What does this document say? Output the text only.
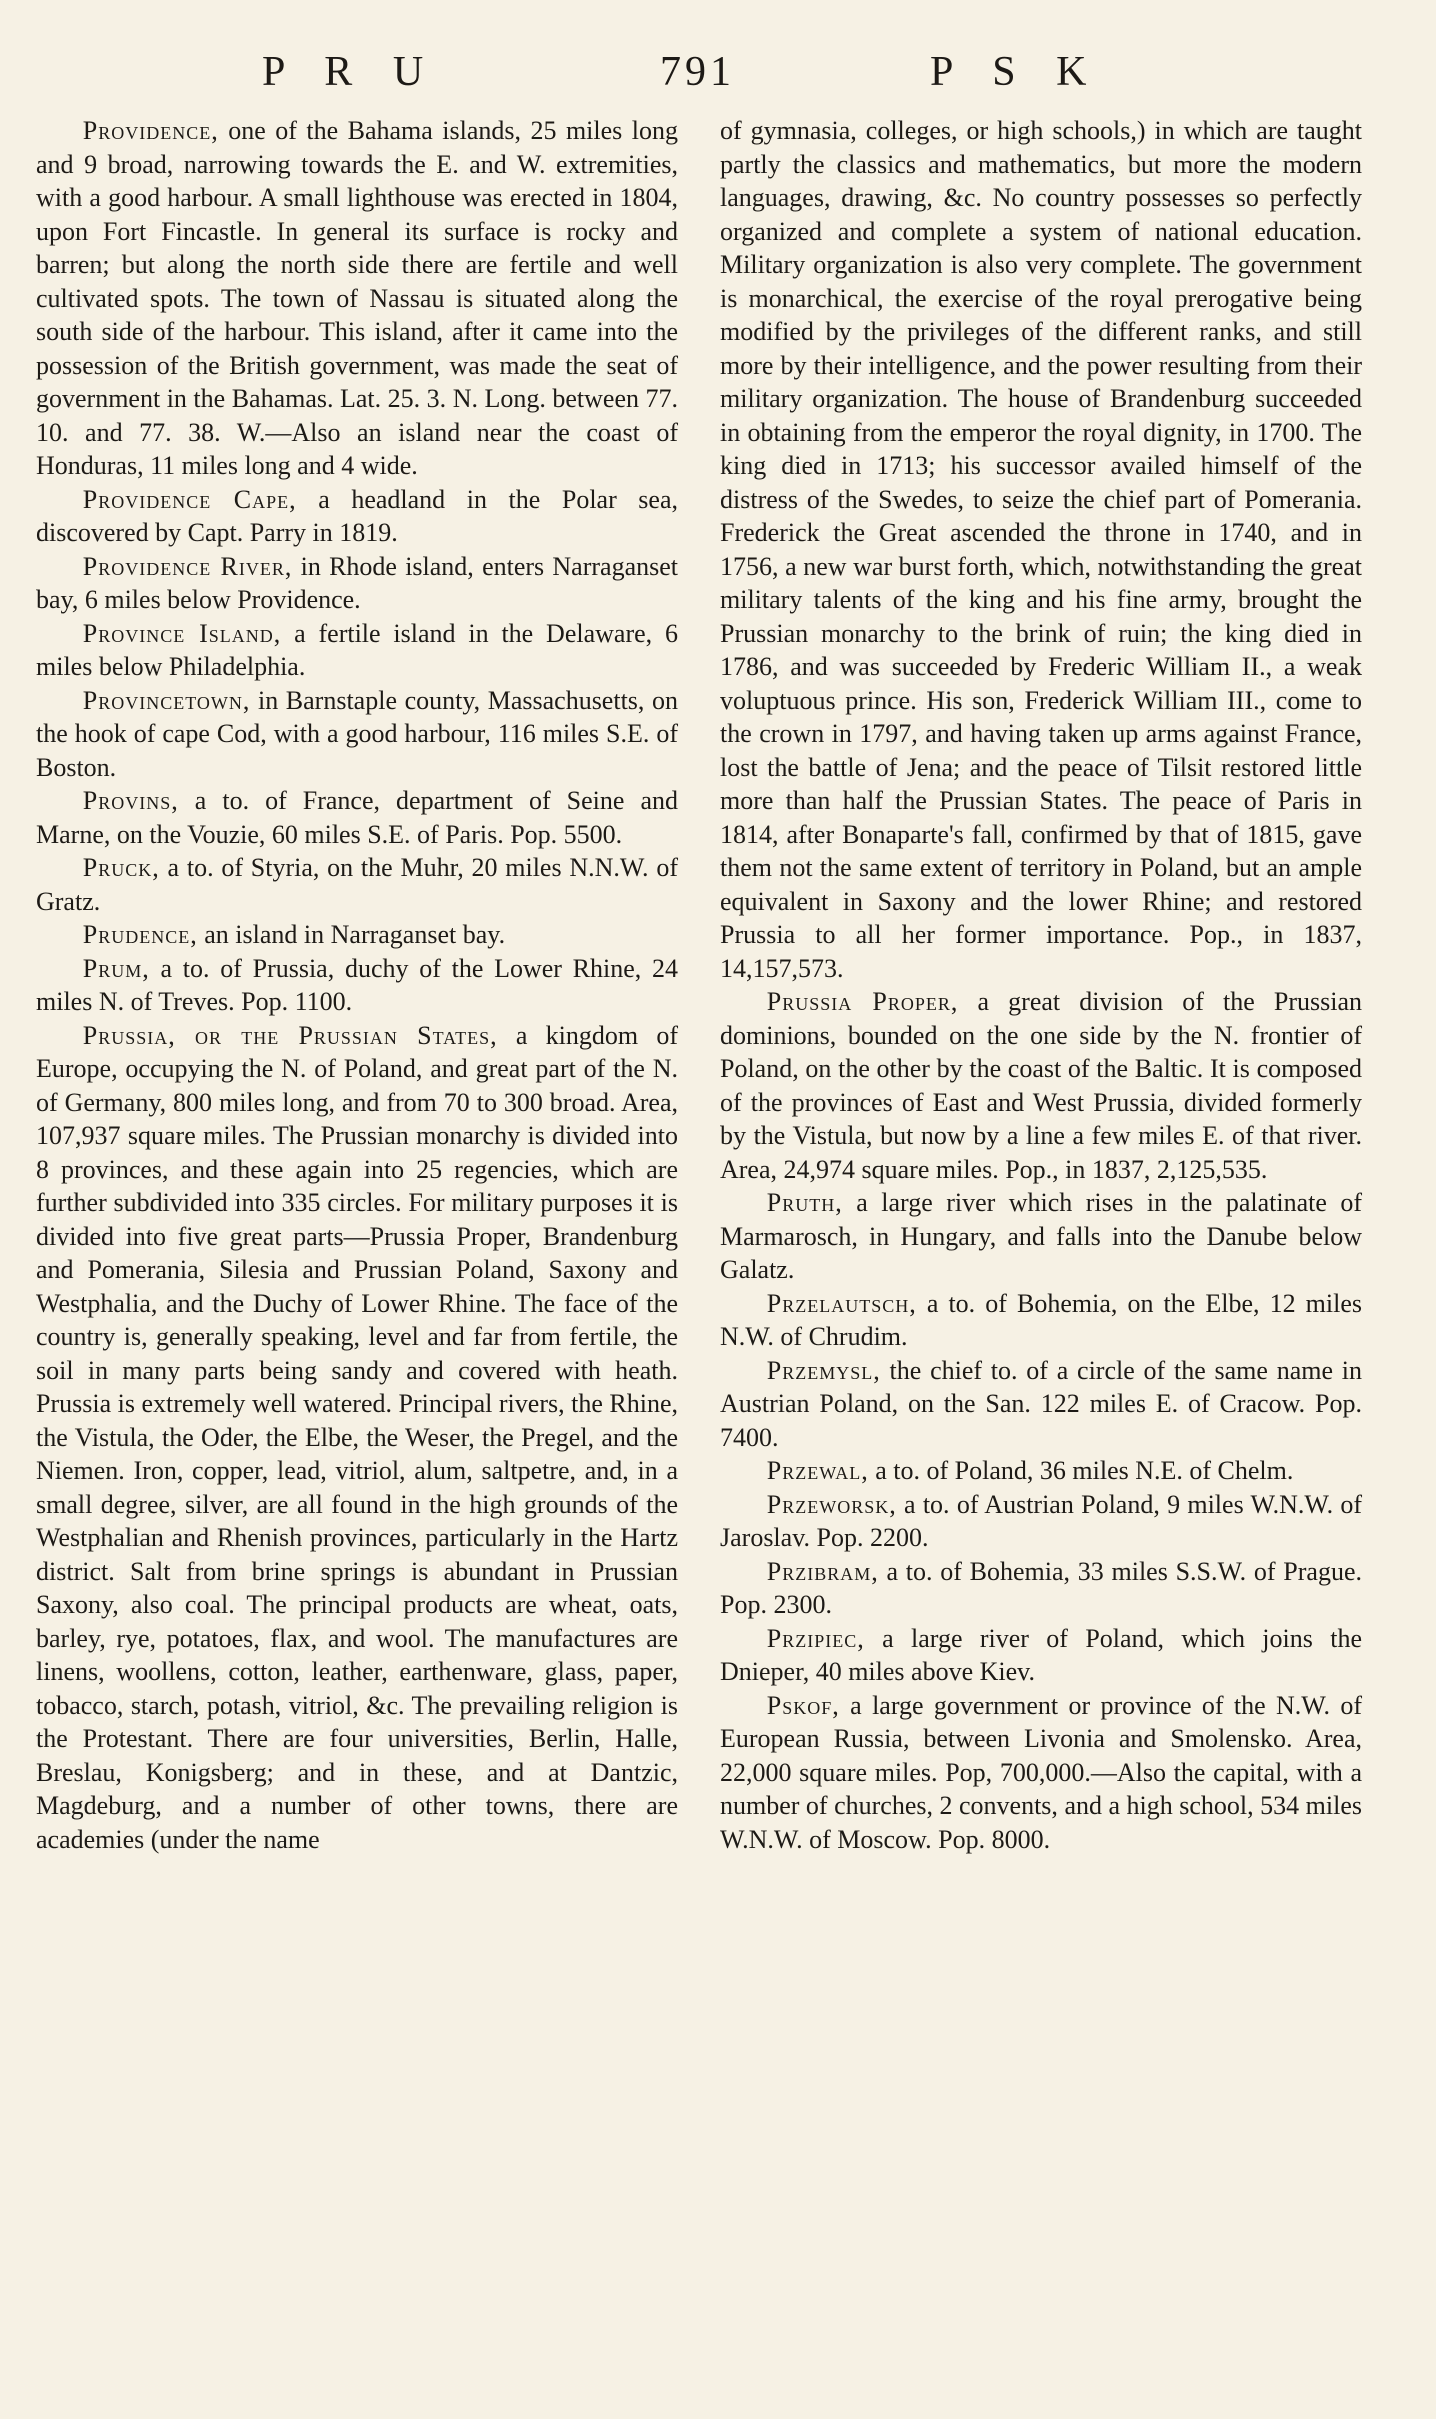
P R U	791	P S K

Providence, one of the Bahama islands, 25 miles long and 9 broad, narrowing towards the E. and W. extremities, with a good harbour. A small lighthouse was erected in 1804, upon Fort Fincastle. In general its surface is rocky and barren; but along the north side there are fertile and well cultivated spots. The town of Nassau is situated along the south side of the harbour. This island, after it came into the possession of the British government, was made the seat of government in the Bahamas. Lat. 25. 3. N. Long. between 77. 10. and 77. 38. W.—Also an island near the coast of Honduras, 11 miles long and 4 wide.

Providence Cape, a headland in the Polar sea, discovered by Capt. Parry in 1819.

Providence River, in Rhode island, enters Narraganset bay, 6 miles below Providence.

Province Island, a fertile island in the Delaware, 6 miles below Philadelphia.

Provincetown, in Barnstaple county, Massachusetts, on the hook of cape Cod, with a good harbour, 116 miles S.E. of Boston.

Provins, a to. of France, department of Seine and Marne, on the Vouzie, 60 miles S.E. of Paris. Pop. 5500.

Pruck, a to. of Styria, on the Muhr, 20 miles N.N.W. of Gratz.

Prudence, an island in Narraganset bay.

Prum, a to. of Prussia, duchy of the Lower Rhine, 24 miles N. of Treves. Pop. 1100.

Prussia, or the Prussian States, a kingdom of Europe, occupying the N. of Poland, and great part of the N. of Germany, 800 miles long, and from 70 to 300 broad. Area, 107,937 square miles. The Prussian monarchy is divided into 8 provinces, and these again into 25 regencies, which are further subdivided into 335 circles. For military purposes it is divided into five great parts—Prussia Proper, Brandenburg and Pomerania, Silesia and Prussian Poland, Saxony and Westphalia, and the Duchy of Lower Rhine. The face of the country is, generally speaking, level and far from fertile, the soil in many parts being sandy and covered with heath. Prussia is extremely well watered. Principal rivers, the Rhine, the Vistula, the Oder, the Elbe, the Weser, the Pregel, and the Niemen. Iron, copper, lead, vitriol, alum, saltpetre, and, in a small degree, silver, are all found in the high grounds of the Westphalian and Rhenish provinces, particularly in the Hartz district. Salt from brine springs is abundant in Prussian Saxony, also coal. The principal products are wheat, oats, barley, rye, potatoes, flax, and wool. The manufactures are linens, woollens, cotton, leather, earthenware, glass, paper, tobacco, starch, potash, vitriol, &c. The prevailing religion is the Protestant. There are four universities, Berlin, Halle, Breslau, Konigsberg; and in these, and at Dantzic, Magdeburg, and a number of other towns, there are academies (under the name

of gymnasia, colleges, or high schools,) in which are taught partly the classics and mathematics, but more the modern languages, drawing, &c. No country possesses so perfectly organized and complete a system of national education. Military organization is also very complete. The government is monarchical, the exercise of the royal prerogative being modified by the privileges of the different ranks, and still more by their intelligence, and the power resulting from their military organization. The house of Brandenburg succeeded in obtaining from the emperor the royal dignity, in 1700. The king died in 1713; his successor availed himself of the distress of the Swedes, to seize the chief part of Pomerania. Frederick the Great ascended the throne in 1740, and in 1756, a new war burst forth, which, notwithstanding the great military talents of the king and his fine army, brought the Prussian monarchy to the brink of ruin; the king died in 1786, and was succeeded by Frederic William II., a weak voluptuous prince. His son, Frederick William III., come to the crown in 1797, and having taken up arms against France, lost the battle of Jena; and the peace of Tilsit restored little more than half the Prussian States. The peace of Paris in 1814, after Bonaparte's fall, confirmed by that of 1815, gave them not the same extent of territory in Poland, but an ample equivalent in Saxony and the lower Rhine; and restored Prussia to all her former importance. Pop., in 1837, 14,157,573.

Prussia Proper, a great division of the Prussian dominions, bounded on the one side by the N. frontier of Poland, on the other by the coast of the Baltic. It is composed of the provinces of East and West Prussia, divided formerly by the Vistula, but now by a line a few miles E. of that river. Area, 24,974 square miles. Pop., in 1837, 2,125,535.

Pruth, a large river which rises in the palatinate of Marmarosch, in Hungary, and falls into the Danube below Galatz.

Przelautsch, a to. of Bohemia, on the Elbe, 12 miles N.W. of Chrudim.

Przemysl, the chief to. of a circle of the same name in Austrian Poland, on the San. 122 miles E. of Cracow. Pop. 7400.

Przewal, a to. of Poland, 36 miles N.E. of Chelm.

Przeworsk, a to. of Austrian Poland, 9 miles W.N.W. of Jaroslav. Pop. 2200.

Przibram, a to. of Bohemia, 33 miles S.S.W. of Prague. Pop. 2300.

Przipiec, a large river of Poland, which joins the Dnieper, 40 miles above Kiev.

Pskof, a large government or province of the N.W. of European Russia, between Livonia and Smolensko. Area, 22,000 square miles. Pop, 700,000.—Also the capital, with a number of churches, 2 convents, and a high school, 534 miles W.N.W. of Moscow. Pop. 8000.
